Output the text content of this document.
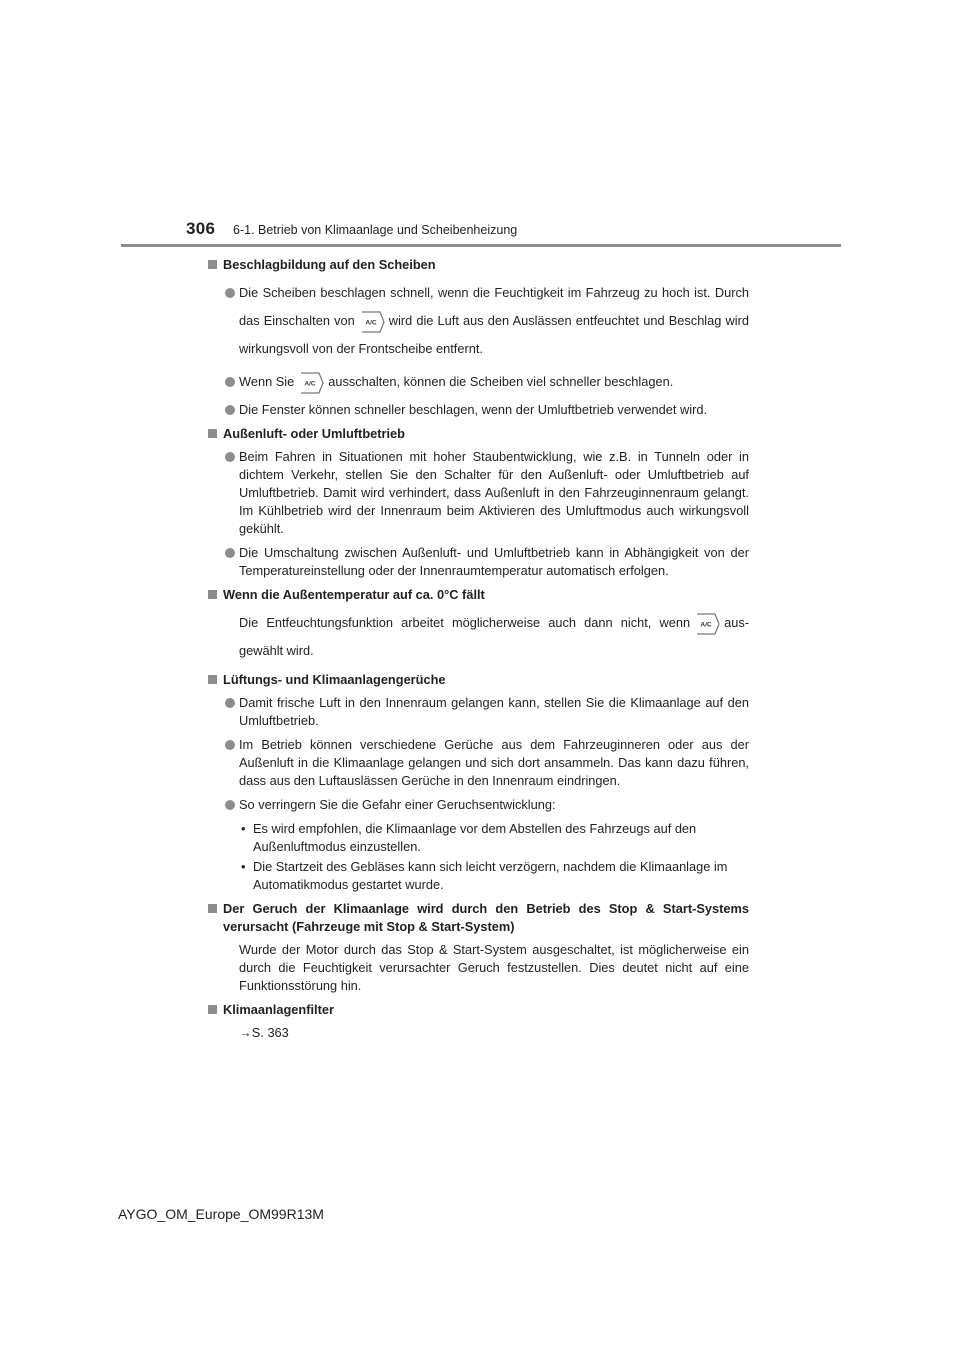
306 6-1. Betrieb von Klimaanlage und Scheibenheizung
Beschlagbildung auf den Scheiben
Die Scheiben beschlagen schnell, wenn die Feuchtigkeit im Fahrzeug zu hoch ist. Durch das Einschalten von A/C wird die Luft aus den Auslässen entfeuchtet und Beschlag wird wirkungsvoll von der Frontscheibe entfernt.
Wenn Sie A/C ausschalten, können die Scheiben viel schneller beschlagen.
Die Fenster können schneller beschlagen, wenn der Umluftbetrieb verwendet wird.
Außenluft- oder Umluftbetrieb
Beim Fahren in Situationen mit hoher Staubentwicklung, wie z.B. in Tunneln oder in dichtem Verkehr, stellen Sie den Schalter für den Außenluft- oder Umluftbetrieb auf Umluftbetrieb. Damit wird verhindert, dass Außenluft in den Fahrzeuginnenraum gelangt. Im Kühlbetrieb wird der Innenraum beim Aktivieren des Umluftmodus auch wirkungsvoll gekühlt.
Die Umschaltung zwischen Außenluft- und Umluftbetrieb kann in Abhängigkeit von der Temperatureinstellung oder der Innenraumtemperatur automatisch erfolgen.
Wenn die Außentemperatur auf ca. 0°C fällt
Die Entfeuchtungsfunktion arbeitet möglicherweise auch dann nicht, wenn A/C aus-gewählt wird.
Lüftungs- und Klimaanlagengerüche
Damit frische Luft in den Innenraum gelangen kann, stellen Sie die Klimaanlage auf den Umluftbetrieb.
Im Betrieb können verschiedene Gerüche aus dem Fahrzeuginneren oder aus der Außenluft in die Klimaanlage gelangen und sich dort ansammeln. Das kann dazu führen, dass aus den Luftauslässen Gerüche in den Innenraum eindringen.
So verringern Sie die Gefahr einer Geruchsentwicklung:
• Es wird empfohlen, die Klimaanlage vor dem Abstellen des Fahrzeugs auf den Außenluftmodus einzustellen.
• Die Startzeit des Gebläses kann sich leicht verzögern, nachdem die Klimaanlage im Automatikmodus gestartet wurde.
Der Geruch der Klimaanlage wird durch den Betrieb des Stop & Start-Systems verursacht (Fahrzeuge mit Stop & Start-System)
Wurde der Motor durch das Stop & Start-System ausgeschaltet, ist möglicherweise ein durch die Feuchtigkeit verursachter Geruch festzustellen. Dies deutet nicht auf eine Funktionsstörung hin.
Klimaanlagenfilter
→S. 363
AYGO_OM_Europe_OM99R13M
